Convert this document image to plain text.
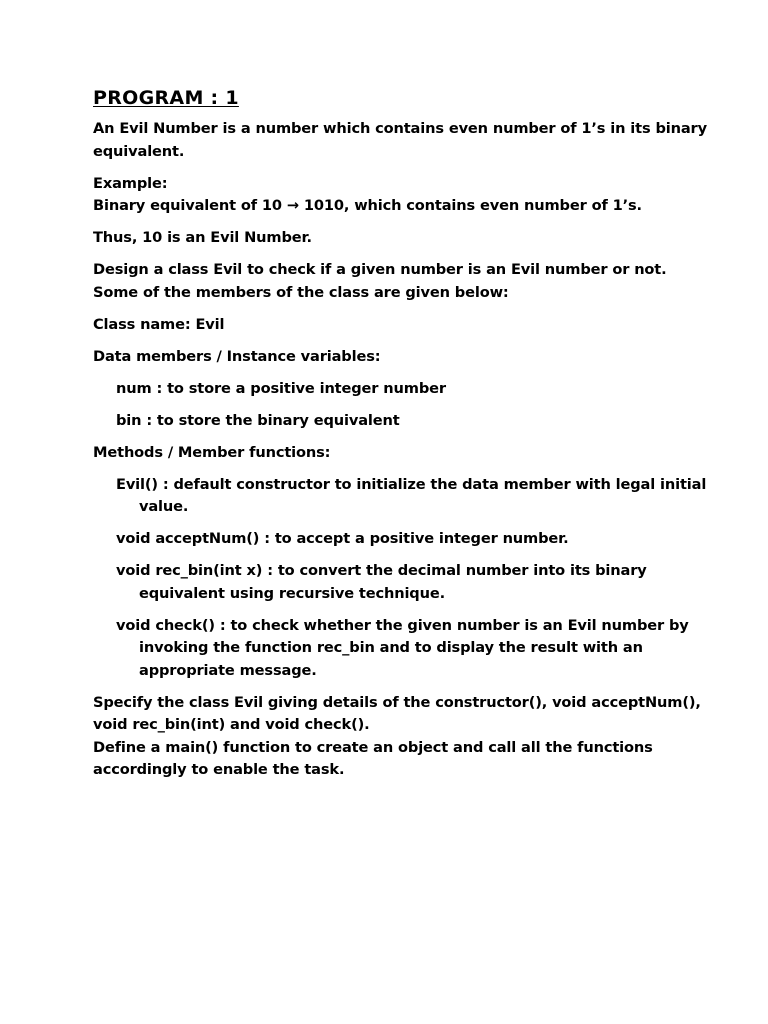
PROGRAM : 1
An Evil Number is a number which contains even number of 1’s in its binary
equivalent.
Example:
Binary equivalent of 10 → 1010, which contains even number of 1’s.
Thus, 10 is an Evil Number.
Design a class Evil to check if a given number is an Evil number or not.
Some of the members of the class are given below:
Class name: Evil
Data members / Instance variables:
num : to store a positive integer number
bin : to store the binary equivalent
Methods / Member functions:
Evil() : default constructor to initialize the data member with legal initial
value.
void acceptNum() : to accept a positive integer number.
void rec_bin(int x) : to convert the decimal number into its binary
equivalent using recursive technique.
void check() : to check whether the given number is an Evil number by
invoking the function rec_bin and to display the result with an
appropriate message.
Specify the class Evil giving details of the constructor(), void acceptNum(),
void rec_bin(int) and void check().
Define a main() function to create an object and call all the functions
accordingly to enable the task.
